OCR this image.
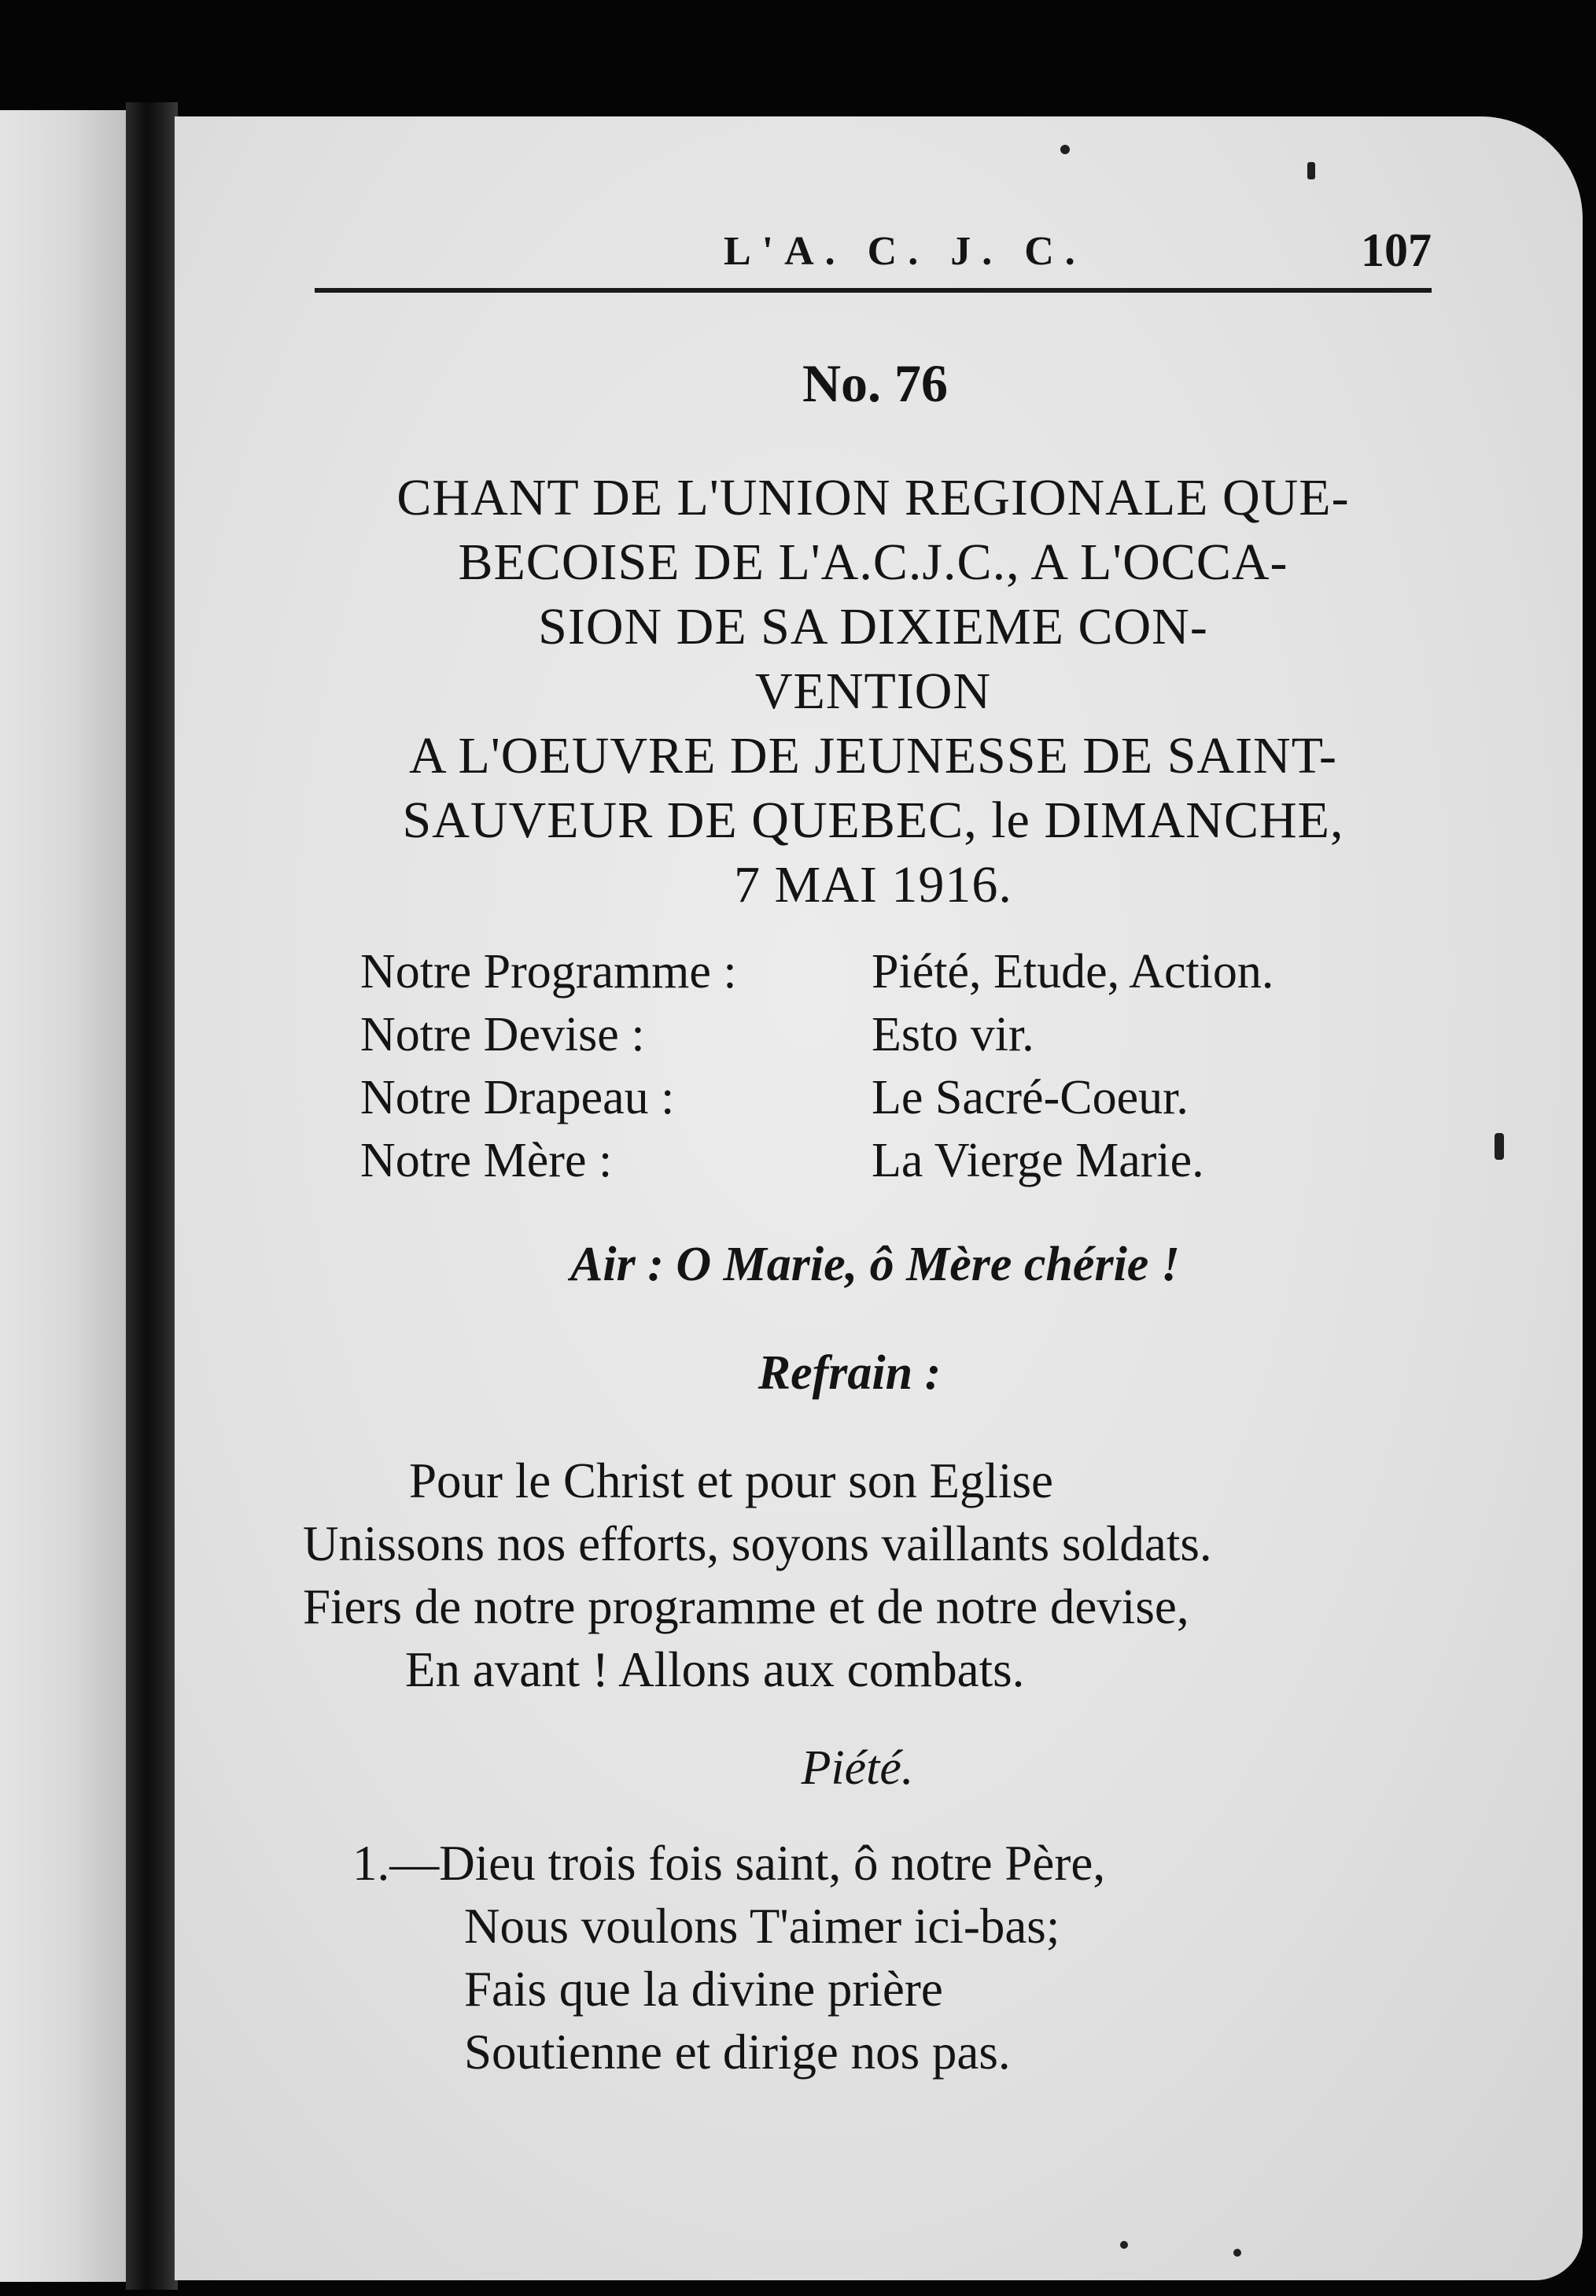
L'A. C. J. C.	107
No. 76
CHANT DE L'UNION REGIONALE QUE-
BECOISE DE L'A.C.J.C., A L'OCCA-
SION DE SA DIXIEME CON-
VENTION
A L'OEUVRE DE JEUNESSE DE SAINT-
SAUVEUR DE QUEBEC, le DIMANCHE,
7 MAI 1916.
Notre Programme :	Piété, Etude, Action.
Notre Devise :	Esto vir.
Notre Drapeau :	Le Sacré-Coeur.
Notre Mère :	La Vierge Marie.
Air : O Marie, ô Mère chérie !
Refrain :
Pour le Christ et pour son Eglise
Unissons nos efforts, soyons vaillants soldats.
Fiers de notre programme et de notre devise,
En avant ! Allons aux combats.
Piété.
1.—Dieu trois fois saint, ô notre Père,
Nous voulons T'aimer ici-bas;
Fais que la divine prière
Soutienne et dirige nos pas.
